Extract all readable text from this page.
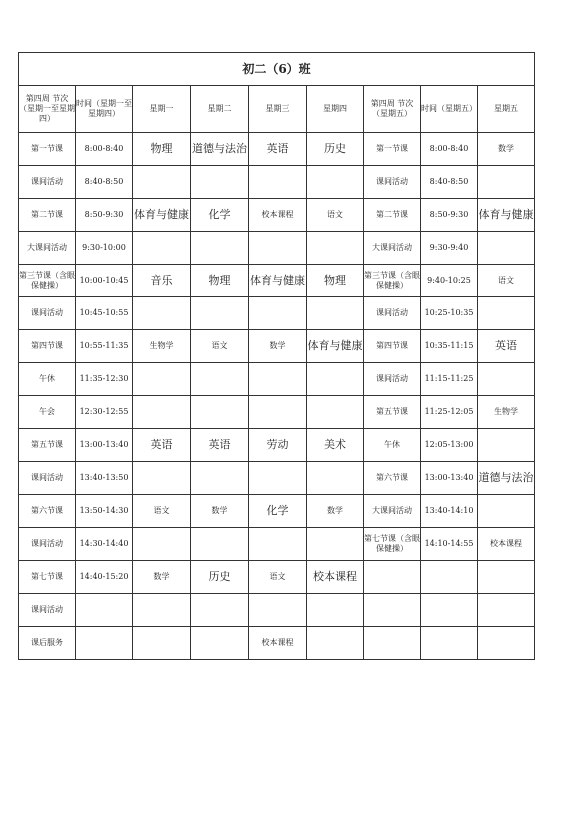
初二（6）班								
第四周 节次（星期一至星期四）	时间（星期一至星期四）	星期一	星期二	星期三	星期四	第四周 节次（星期五）	时间（星期五）	星期五
第一节课	8:00-8:40	物理	道德与法治	英语	历史	第一节课	8:00-8:40	数学
课间活动	8:40-8:50					课间活动	8:40-8:50	
第二节课	8:50-9:30	体育与健康	化学	校本课程	语文	第二节课	8:50-9:30	体育与健康
大课间活动	9:30-10:00					大课间活动	9:30-9:40	
第三节课（含眼保健操）	10:00-10:45	音乐	物理	体育与健康	物理	第三节课（含眼保健操）	9:40-10:25	语文
课间活动	10:45-10:55					课间活动	10:25-10:35	
第四节课	10:55-11:35	生物学	语文	数学	体育与健康	第四节课	10:35-11:15	英语
午休	11:35-12:30					课间活动	11:15-11:25	
午会	12:30-12:55					第五节课	11:25-12:05	生物学
第五节课	13:00-13:40	英语	英语	劳动	美术	午休	12:05-13:00	
课间活动	13:40-13:50					第六节课	13:00-13:40	道德与法治
第六节课	13:50-14:30	语文	数学	化学	数学	大课间活动	13:40-14:10	
课间活动	14:30-14:40					第七节课（含眼保健操）	14:10-14:55	校本课程
第七节课	14:40-15:20	数学	历史	语文	校本课程			
课间活动								
课后服务				校本课程				
